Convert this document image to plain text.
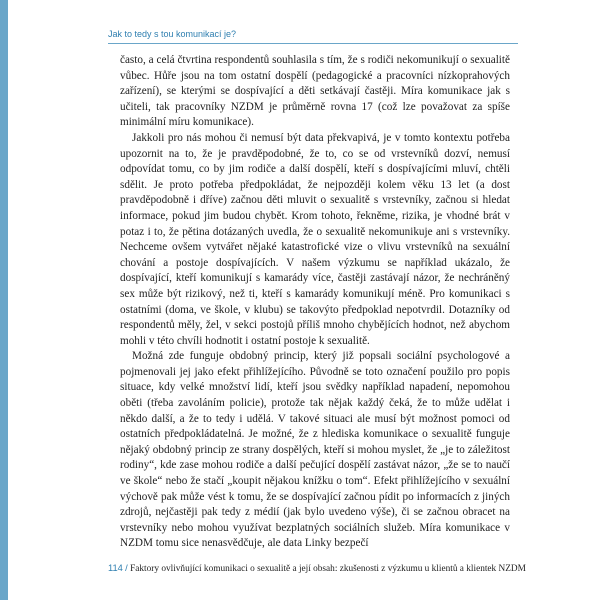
Jak to tedy s tou komunikací je?

často, a celá čtvrtina respondentů souhlasila s tím, že s rodiči nekomunikují o sexualitě vůbec. Hůře jsou na tom ostatní dospělí (pedagogické a pracovníci nízkoprahových zařízení), se kterými se dospívající a děti setkávají častěji. Míra komunikace jak s učiteli, tak pracovníky NZDM je průměrně rovna 17 (což lze považovat za spíše minimální míru komunikace).

Jakkoli pro nás mohou či nemusí být data překvapivá, je v tomto kontextu potřeba upozornit na to, že je pravděpodobné, že to, co se od vrstevníků dozví, nemusí odpovídat tomu, co by jim rodiče a další dospělí, kteří s dospívajícími mluví, chtěli sdělit. Je proto potřeba předpokládat, že nejpozději kolem věku 13 let (a dost pravděpodobně i dříve) začnou děti mluvit o sexualitě s vrstevníky, začnou si hledat informace, pokud jim budou chybět. Krom tohoto, řekněme, rizika, je vhodné brát v potaz i to, že pětina dotázaných uvedla, že o sexualitě nekomunikuje ani s vrstevníky. Nechceme ovšem vytvářet nějaké katastrofické vize o vlivu vrstevníků na sexuální chování a postoje dospívajících. V našem výzkumu se například ukázalo, že dospívající, kteří komunikují s kamarády více, častěji zastávají názor, že nechráněný sex může být rizikový, než ti, kteří s kamarády komunikují méně. Pro komunikaci s ostatními (doma, ve škole, v klubu) se takovýto předpoklad nepotvrdil. Dotazníky od respondentů měly, žel, v sekci postojů příliš mnoho chybějících hodnot, než abychom mohli v této chvíli hodnotit i ostatní postoje k sexualitě.

Možná zde funguje obdobný princip, který již popsali sociální psychologové a pojmenovali jej jako efekt přihlížejícího. Původně se toto označení použilo pro popis situace, kdy velké množství lidí, kteří jsou svědky například napadení, nepomohou oběti (třeba zavoláním policie), protože tak nějak každý čeká, že to může udělat i někdo další, a že to tedy i udělá. V takové situaci ale musí být možnost pomoci od ostatních předpokládatelná. Je možné, že z hlediska komunikace o sexualitě funguje nějaký obdobný princip ze strany dospělých, kteří si mohou myslet, že „je to záležitost rodiny“, kde zase mohou rodiče a další pečující dospělí zastávat názor, „že se to naučí ve škole“ nebo že stačí „koupit nějakou knížku o tom“. Efekt přihlížejícího v sexuální výchově pak může vést k tomu, že se dospívající začnou pídit po informacích z jiných zdrojů, nejčastěji pak tedy z médií (jak bylo uvedeno výše), či se začnou obracet na vrstevníky nebo mohou využívat bezplatných sociálních služeb. Míra komunikace v NZDM tomu sice nenasvědčuje, ale data Linky bezpečí

114 / Faktory ovlivňující komunikaci o sexualitě a její obsah: zkušenosti z výzkumu u klientů a klientek NZDM
